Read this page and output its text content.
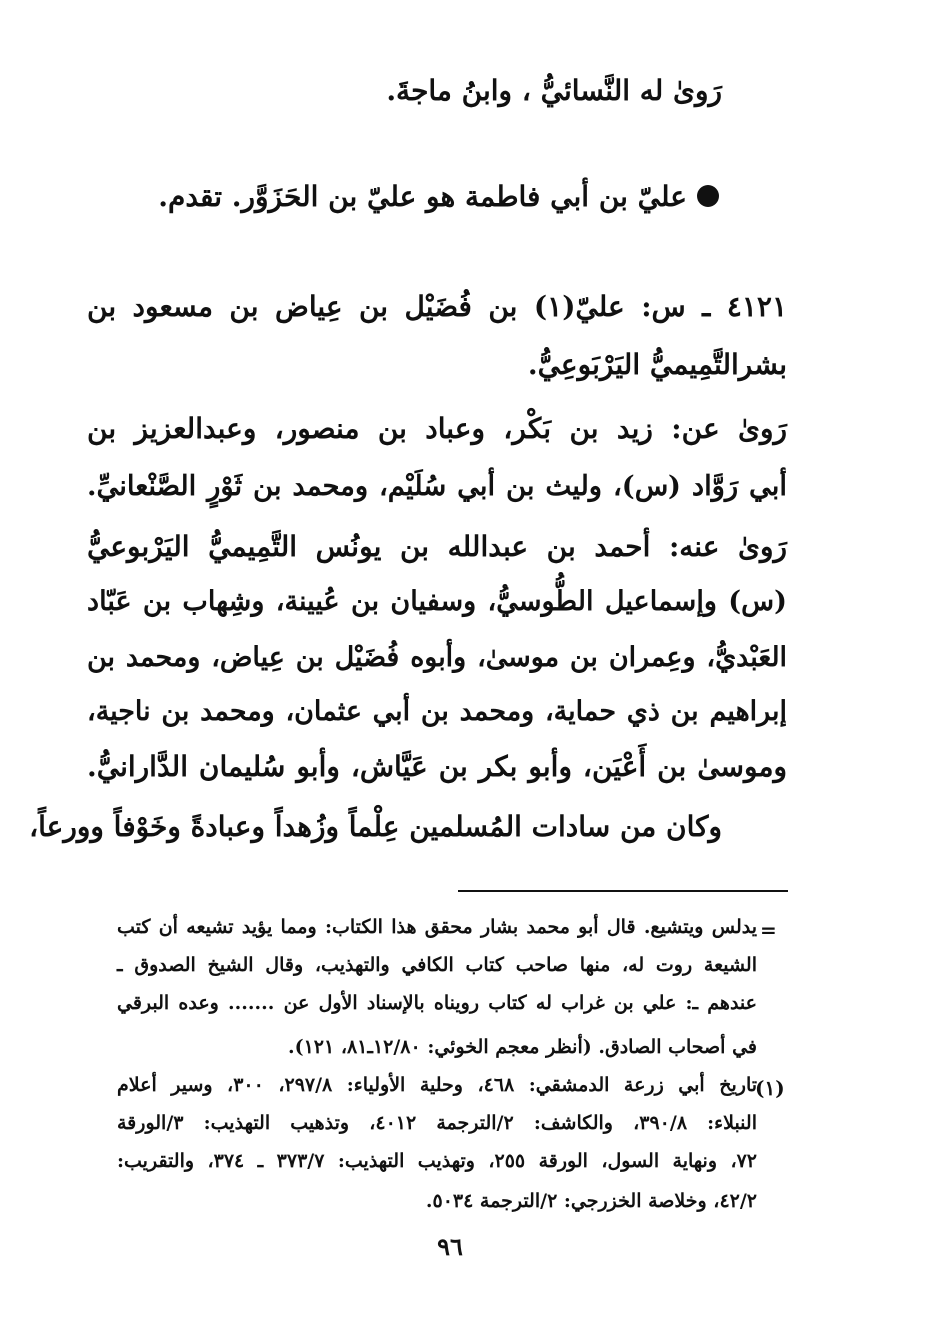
رَوىٰ له النَّسائيُّ ، وابنُ ماجةَ.

عليّ بن أبي فاطمة هو عليّ بن الحَزَوَّر. تقدم.

٤١٢١ ـ س: عليّ(١) بن فُضَيْل بن عِياض بن مسعود بن

بشرالتَّمِيميُّ اليَرْبَوعِيُّ.

رَوىٰ عن: زيد بن بَكْر، وعباد بن منصور، وعبدالعزيز بن

أبي رَوَّاد (س)، وليث بن أبي سُلَيْم، ومحمد بن ثَوْرٍ الصَّنْعانيِّ.

رَوىٰ عنه: أحمد بن عبدالله بن يونُس التَّمِيميُّ اليَرْبوعيُّ

(س) وإسماعيل الطُّوسيُّ، وسفيان بن عُيينة، وشِهاب بن عَبّاد

العَبْديُّ، وعِمران بن موسىٰ، وأبوه فُضَيْل بن عِياض، ومحمد بن

إبراهيم بن ذي حماية، ومحمد بن أبي عثمان، ومحمد بن ناجية،

وموسىٰ بن أَعْيَن، وأبو بكر بن عَيَّاش، وأبو سُليمان الدَّارانيُّ.

وكان من سادات المُسلمين عِلْماً وزُهداً وعبادةً وخَوْفاً وورعاً،

=

يدلس ويتشيع. قال أبو محمد بشار محقق هذا الكتاب: ومما يؤيد تشيعه أن كتب

الشيعة روت له، منها صاحب كتاب الكافي والتهذيب، وقال الشيخ الصدوق ـ

عندهم ـ: علي بن غراب له كتاب رويناه بالإسناد الأول عن ....... وعده البرقي

في أصحاب الصادق. (أنظر معجم الخوئي: ١٢/٨٠ـ٨١، ١٢١).

(١)

تاريخ أبي زرعة الدمشقي: ٤٦٨، وحلية الأولياء: ٢٩٧/٨، ٣٠٠، وسير أعلام

النبلاء: ٣٩٠/٨، والكاشف: ٢/الترجمة ٤٠١٢، وتذهيب التهذيب: ٣/الورقة

٧٢، ونهاية السول، الورقة ٢٥٥، وتهذيب التهذيب: ٣٧٣/٧ ـ ٣٧٤، والتقريب:

٤٢/٢، وخلاصة الخزرجي: ٢/الترجمة ٥٠٣٤.

٩٦
